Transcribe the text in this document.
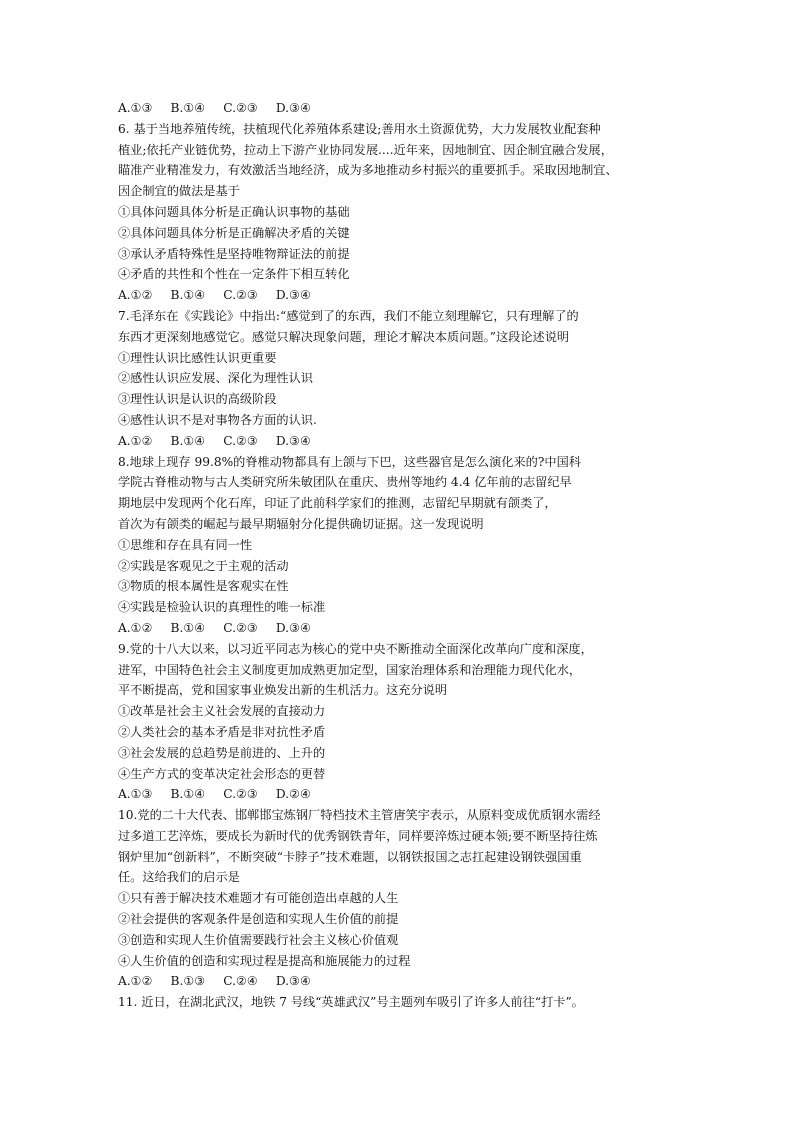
A.①③ B.①④ C.②③ D.③④
6. 基于当地养殖传统，扶植现代化养殖体系建设;善用水土资源优势，大力发展牧业配套种
植业;依托产业链优势，拉动上下游产业协同发展....近年来，因地制宜、因企制宜融合发展，
瞄准产业精准发力，有效激活当地经济，成为多地推动乡村振兴的重要抓手。采取因地制宜、
因企制宜的做法是基于
①具体问题具体分析是正确认识事物的基础
②具体问题具体分析是正确解决矛盾的关键
③承认矛盾特殊性是坚持唯物辩证法的前提
④矛盾的共性和个性在一定条件下相互转化
A.①② B.①④ C.②③ D.③④
7.毛泽东在《实践论》中指出:“感觉到了的东西，我们不能立刻理解它，只有理解了的
东西才更深刻地感觉它。感觉只解决现象问题，理论才解决本质问题。”这段论述说明
①理性认识比感性认识更重要
②感性认识应发展、深化为理性认识
③理性认识是认识的高级阶段
④感性认识不是对事物各方面的认识.
A.①② B.①④ C.②③ D.③④
8.地球上现存 99.8%的脊椎动物都具有上颌与下巴，这些器官是怎么演化来的?中国科
学院古脊椎动物与古人类研究所朱敏团队在重庆、贵州等地约 4.4 亿年前的志留纪早
期地层中发现两个化石库，印证了此前科学家们的推测，志留纪早期就有颌类了，
首次为有颌类的崛起与最早期辐射分化提供确切证据。这一发现说明
①思维和存在具有同一性
②实践是客观见之于主观的活动
③物质的根本属性是客观实在性
④实践是检验认识的真理性的唯一标准
A.①② B.①④ C.②③ D.③④
9.党的十八大以来，以习近平同志为核心的党中央不断推动全面深化改革向广度和深度，
进军，中国特色社会主义制度更加成熟更加定型，国家治理体系和治理能力现代化水，
平不断提高，党和国家事业焕发出新的生机活力。这充分说明
①改革是社会主义社会发展的直接动力
②人类社会的基本矛盾是非对抗性矛盾
③社会发展的总趋势是前进的、上升的
④生产方式的变革决定社会形态的更替
A.①③ B.①④ C.②③ D.②④
10.党的二十大代表、邯郸邯宝炼钢厂特档技术主管唐笑宇表示，从原料变成优质钢水需经
过多道工艺淬炼，要成长为新时代的优秀钢铁青年，同样要淬炼过硬本领;要不断坚持往炼
钢炉里加“创新料”，不断突破“卡脖子”技术难题，以钢铁报国之志扛起建设钢铁强国重
任。这给我们的启示是
①只有善于解决技术难题才有可能创造出卓越的人生
②社会提供的客观条件是创造和实现人生价值的前提
③创造和实现人生价值需要践行社会主义核心价值观
④人生价值的创造和实现过程是提高和施展能力的过程
A.①② B.①③ C.②④ D.③④
11. 近日，在湖北武汉，地铁 7 号线“英雄武汉”号主题列车吸引了许多人前往“打卡”。
